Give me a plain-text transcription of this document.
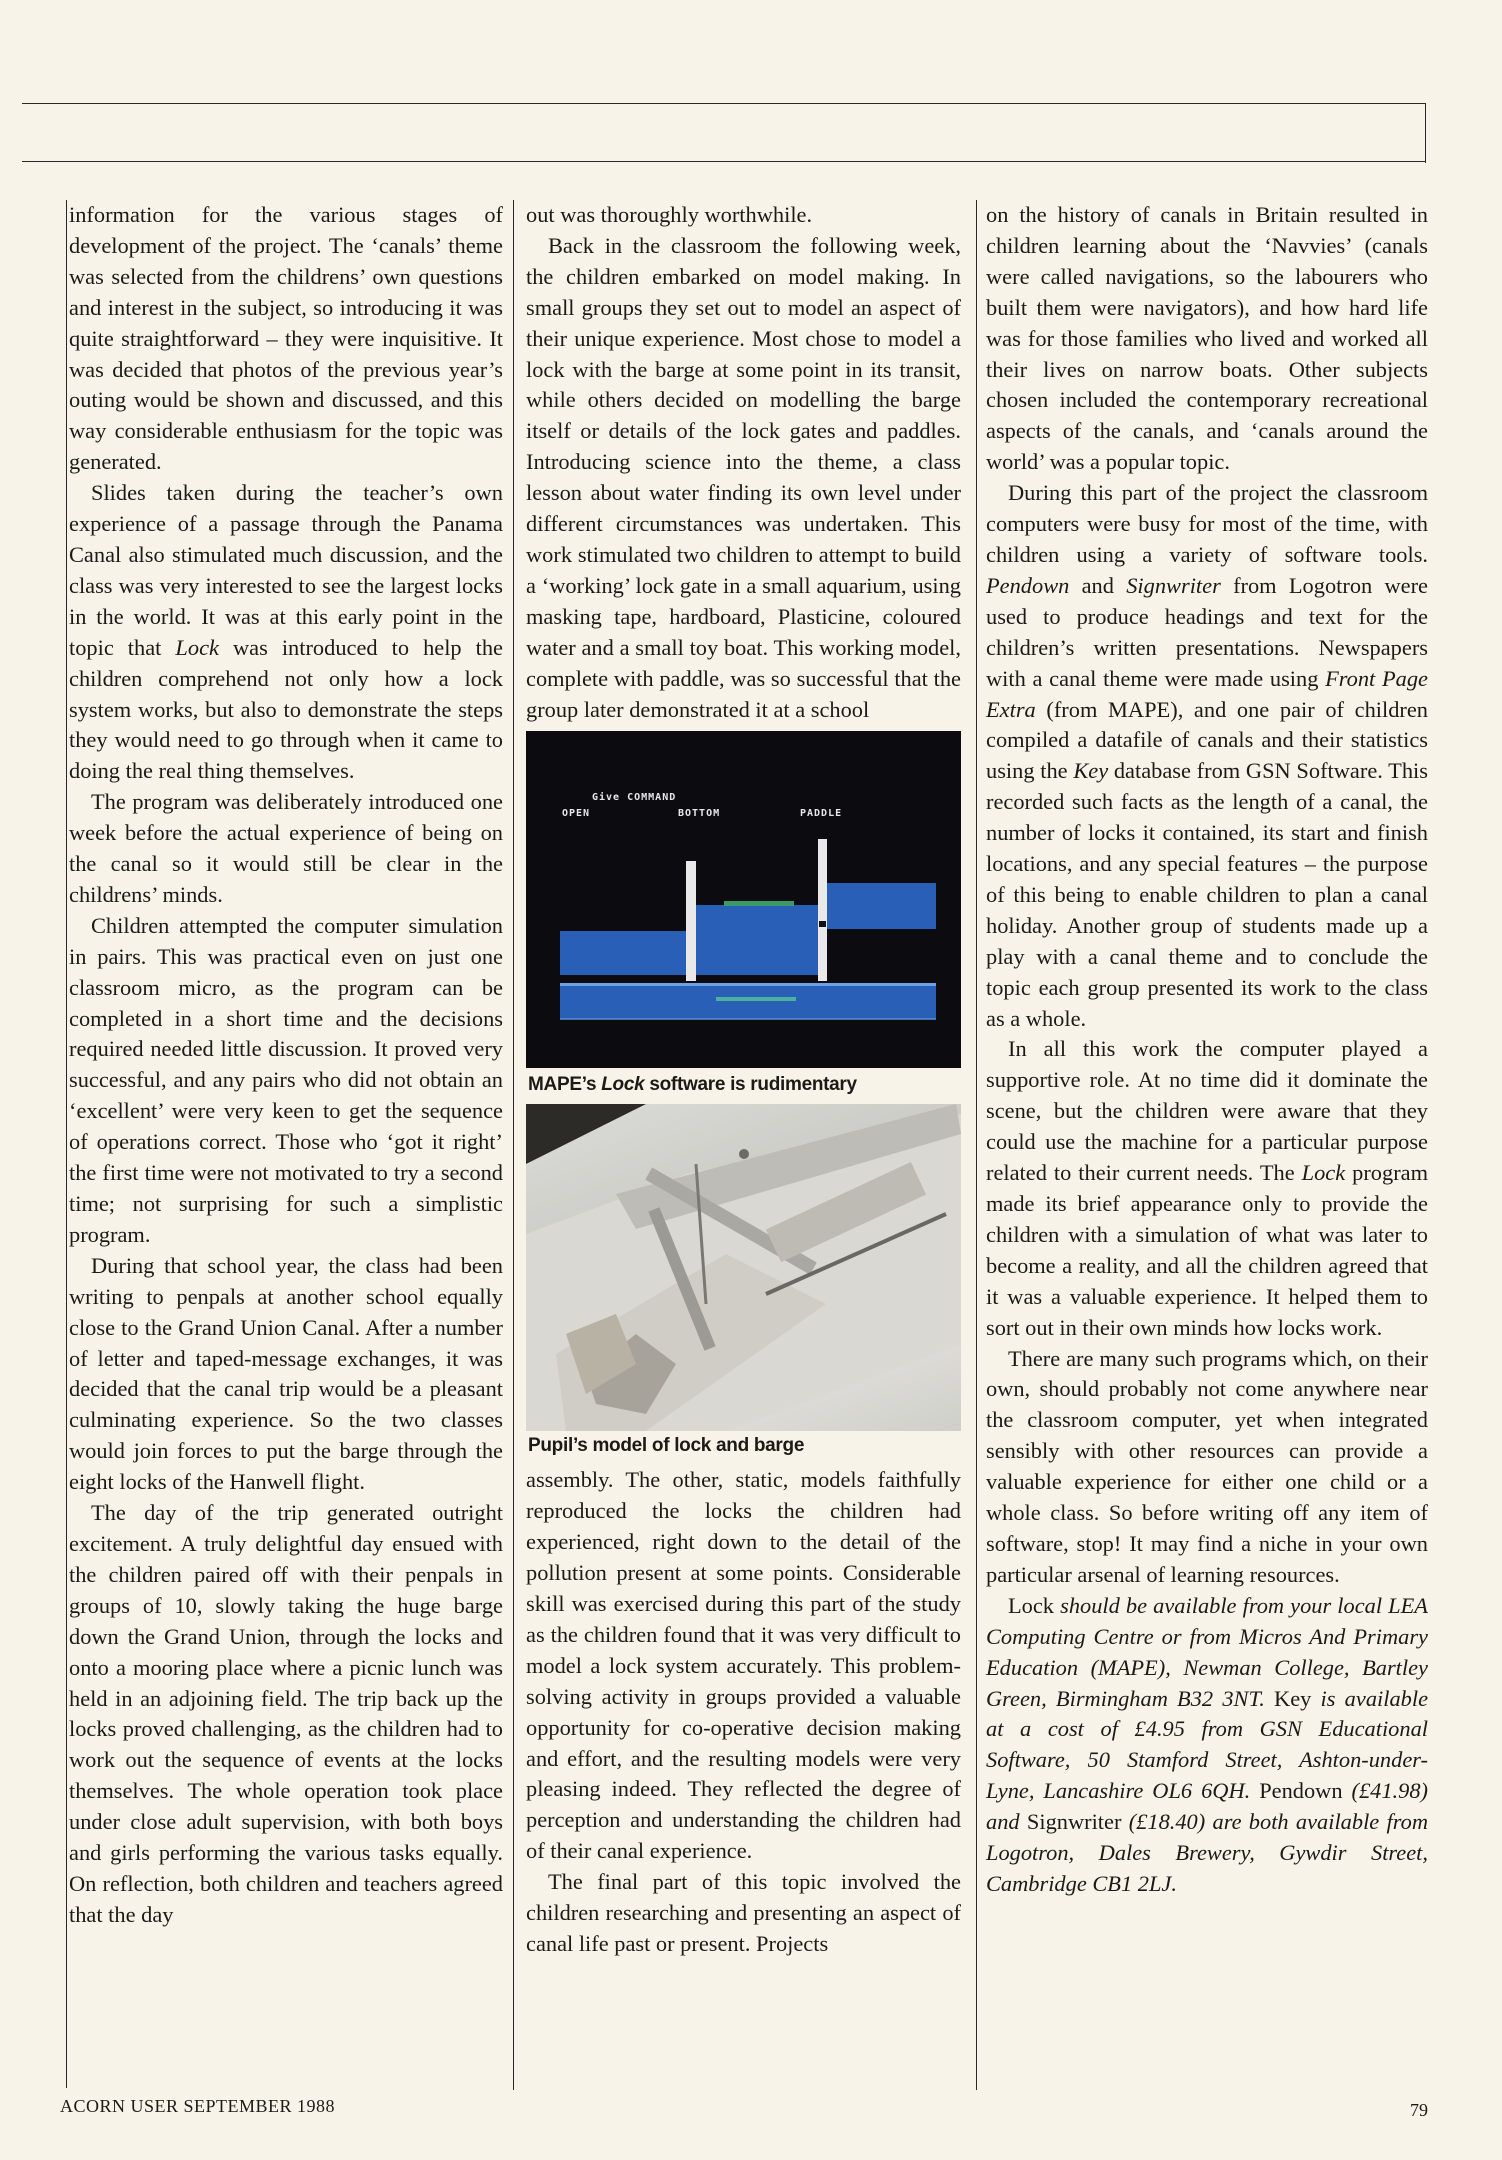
information for the various stages of development of the project. The ‘canals’ theme was selected from the childrens’ own questions and interest in the subject, so introducing it was quite straightforward – they were inquisitive. It was decided that photos of the previous year’s outing would be shown and discussed, and this way considerable enthusiasm for the topic was generated.

Slides taken during the teacher’s own experience of a passage through the Panama Canal also stimulated much discussion, and the class was very interested to see the largest locks in the world. It was at this early point in the topic that Lock was introduced to help the children comprehend not only how a lock system works, but also to demonstrate the steps they would need to go through when it came to doing the real thing themselves.

The program was deliberately introduced one week before the actual experience of being on the canal so it would still be clear in the childrens’ minds.

Children attempted the computer simulation in pairs. This was practical even on just one classroom micro, as the program can be completed in a short time and the decisions required needed little discussion. It proved very successful, and any pairs who did not obtain an ‘excellent’ were very keen to get the sequence of operations correct. Those who ‘got it right’ the first time were not motivated to try a second time; not surprising for such a simplistic program.

During that school year, the class had been writing to penpals at another school equally close to the Grand Union Canal. After a number of letter and taped-message exchanges, it was decided that the canal trip would be a pleasant culminating experience. So the two classes would join forces to put the barge through the eight locks of the Hanwell flight.

The day of the trip generated outright excitement. A truly delightful day ensued with the children paired off with their penpals in groups of 10, slowly taking the huge barge down the Grand Union, through the locks and onto a mooring place where a picnic lunch was held in an adjoining field. The trip back up the locks proved challenging, as the children had to work out the sequence of events at the locks themselves. The whole operation took place under close adult supervision, with both boys and girls performing the various tasks equally. On reflection, both children and teachers agreed that the day

out was thoroughly worthwhile.

Back in the classroom the following week, the children embarked on model making. In small groups they set out to model an aspect of their unique experience. Most chose to model a lock with the barge at some point in its transit, while others decided on modelling the barge itself or details of the lock gates and paddles. Introducing science into the theme, a class lesson about water finding its own level under different circumstances was undertaken. This work stimulated two children to attempt to build a ‘working’ lock gate in a small aquarium, using masking tape, hardboard, Plasticine, coloured water and a small toy boat. This working model, complete with paddle, was so successful that the group later demonstrated it at a school

Give COMMAND
OPEN	BOTTOM	PADDLE
MAPE’s Lock software is rudimentary
Pupil’s model of lock and barge

assembly. The other, static, models faithfully reproduced the locks the children had experienced, right down to the detail of the pollution present at some points. Considerable skill was exercised during this part of the study as the children found that it was very difficult to model a lock system accurately. This problem-solving activity in groups provided a valuable opportunity for co-operative decision making and effort, and the resulting models were very pleasing indeed. They reflected the degree of perception and understanding the children had of their canal experience.

The final part of this topic involved the children researching and presenting an aspect of canal life past or present. Projects

on the history of canals in Britain resulted in children learning about the ‘Navvies’ (canals were called navigations, so the labourers who built them were navigators), and how hard life was for those families who lived and worked all their lives on narrow boats. Other subjects chosen included the contemporary recreational aspects of the canals, and ‘canals around the world’ was a popular topic.

During this part of the project the classroom computers were busy for most of the time, with children using a variety of software tools. Pendown and Signwriter from Logotron were used to produce headings and text for the children’s written presentations. Newspapers with a canal theme were made using Front Page Extra (from MAPE), and one pair of children compiled a datafile of canals and their statistics using the Key database from GSN Software. This recorded such facts as the length of a canal, the number of locks it contained, its start and finish locations, and any special features – the purpose of this being to enable children to plan a canal holiday. Another group of students made up a play with a canal theme and to conclude the topic each group presented its work to the class as a whole.

In all this work the computer played a supportive role. At no time did it dominate the scene, but the children were aware that they could use the machine for a particular purpose related to their current needs. The Lock program made its brief appearance only to provide the children with a simulation of what was later to become a reality, and all the children agreed that it was a valuable experience. It helped them to sort out in their own minds how locks work.

There are many such programs which, on their own, should probably not come anywhere near the classroom computer, yet when integrated sensibly with other resources can provide a valuable experience for either one child or a whole class. So before writing off any item of software, stop! It may find a niche in your own particular arsenal of learning resources.

Lock should be available from your local LEA Computing Centre or from Micros And Primary Education (MAPE), Newman College, Bartley Green, Birmingham B32 3NT. Key is available at a cost of £4.95 from GSN Educational Software, 50 Stamford Street, Ashton-under-Lyne, Lancashire OL6 6QH. Pendown (£41.98) and Signwriter (£18.40) are both available from Logotron, Dales Brewery, Gywdir Street, Cambridge CB1 2LJ.

ACORN USER SEPTEMBER 1988	79
